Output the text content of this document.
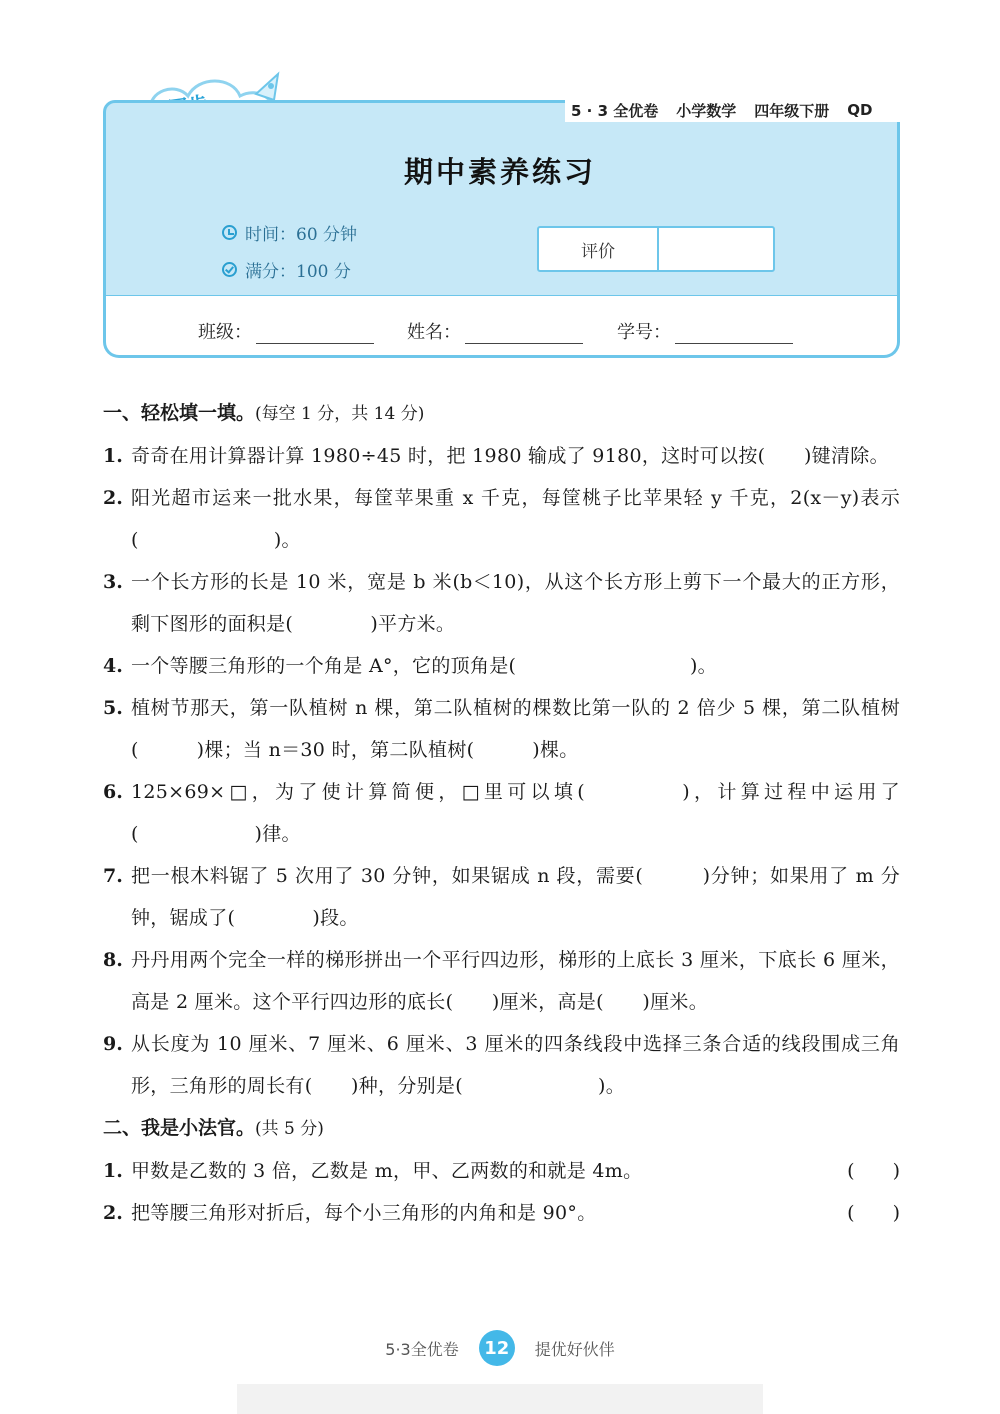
5 · 3 全优卷 小学数学 四年级下册 QD
期中素养练习
时间：60 分钟
满分：100 分
评价
班级：	姓名：	学号：
一、轻松填一填。(每空 1 分，共 14 分)
1. 奇奇在用计算器计算 1980÷45 时，把 1980 输成了 9180，这时可以按(　　)键清除。
2. 阳光超市运来一批水果，每筐苹果重 x 千克，每筐桃子比苹果轻 y 千克，2(x－y)表示(　　　　　　　)。
3. 一个长方形的长是 10 米，宽是 b 米(b＜10)，从这个长方形上剪下一个最大的正方形，剩下图形的面积是(　　　　)平方米。
4. 一个等腰三角形的一个角是 A°，它的顶角是(　　　　　　　　　)。
5. 植树节那天，第一队植树 n 棵，第二队植树的棵数比第一队的 2 倍少 5 棵，第二队植树(　　　)棵；当 n＝30 时，第二队植树(　　　)棵。
6. 125×69×□，为了使计算简便，□里可以填(　　　　)，计算过程中运用了(　　　　　　)律。
7. 把一根木料锯了 5 次用了 30 分钟，如果锯成 n 段，需要(　　　)分钟；如果用了 m 分钟，锯成了(　　　　)段。
8. 丹丹用两个完全一样的梯形拼出一个平行四边形，梯形的上底长 3 厘米，下底长 6 厘米，高是 2 厘米。这个平行四边形的底长(　　)厘米，高是(　　)厘米。
9. 从长度为 10 厘米、7 厘米、6 厘米、3 厘米的四条线段中选择三条合适的线段围成三角形，三角形的周长有(　　)种，分别是(　　　　　　　)。
二、我是小法官。(共 5 分)
1. 甲数是乙数的 3 倍，乙数是 m，甲、乙两数的和就是 4m。	(　　)
2. 把等腰三角形对折后，每个小三角形的内角和是 90°。	(　　)
5·3全优卷	12	提优好伙伴
